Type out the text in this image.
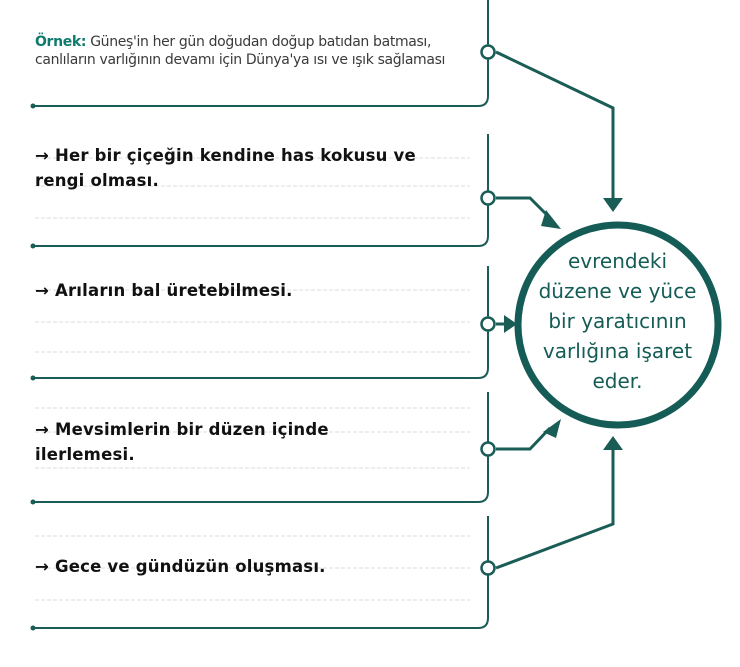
Örnek: Güneş'in her gün doğudan doğup batıdan batması,
canlıların varlığının devamı için Dünya'ya ısı ve ışık sağlaması
→ Her bir çiçeğin kendine has kokusu ve
rengi olması.
→ Arıların bal üretebilmesi.
→ Mevsimlerin bir düzen içinde
ilerlemesi.
→ Gece ve gündüzün oluşması.
evrendeki
düzene ve yüce
bir yaratıcının
varlığına işaret
eder.
